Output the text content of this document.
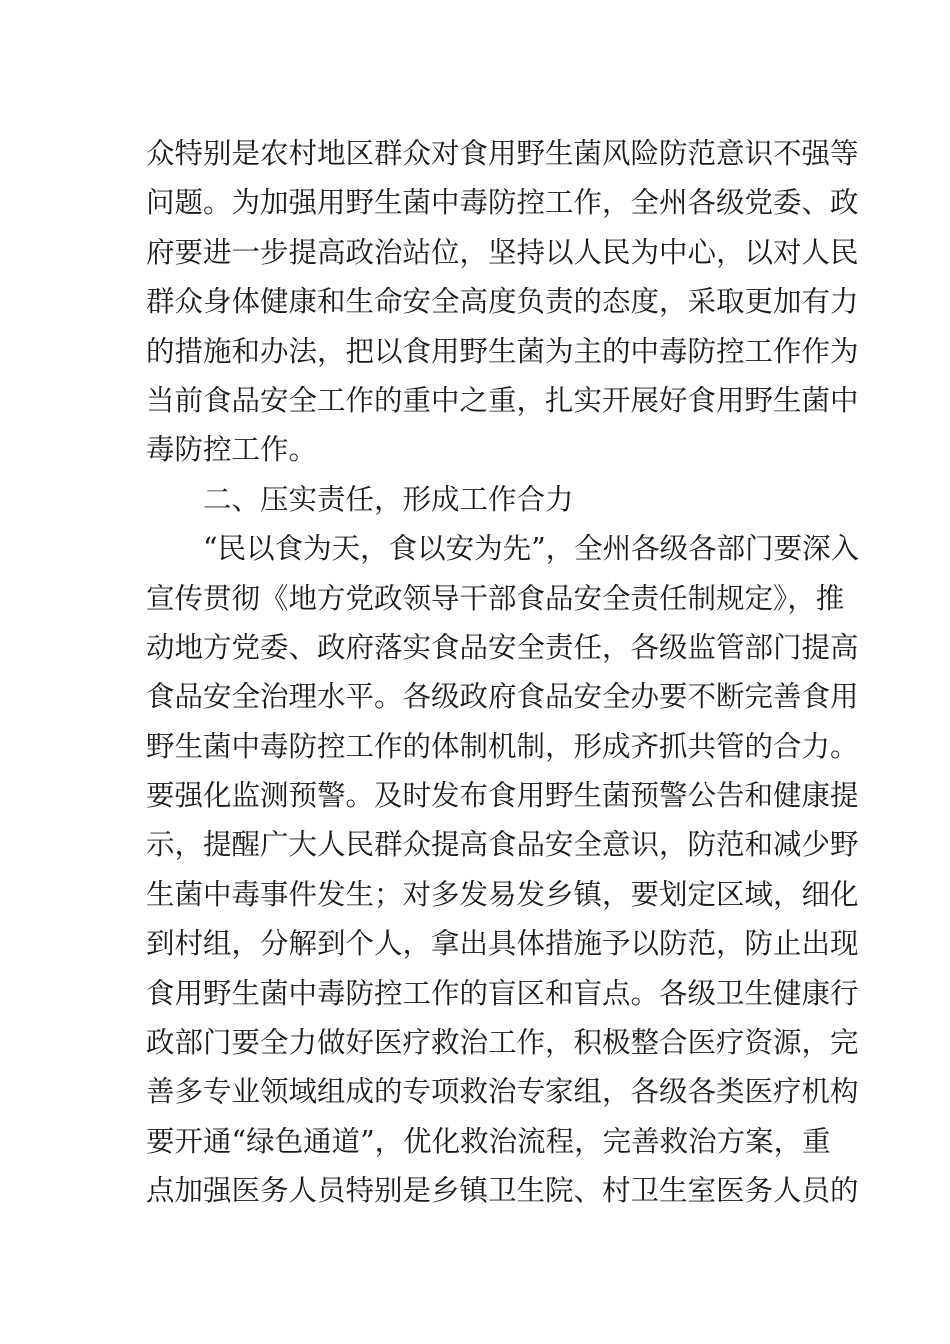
众特别是农村地区群众对食用野生菌风险防范意识不强等
问题。为加强用野生菌中毒防控工作，全州各级党委、政
府要进一步提高政治站位，坚持以人民为中心，以对人民
群众身体健康和生命安全高度负责的态度，采取更加有力
的措施和办法，把以食用野生菌为主的中毒防控工作作为
当前食品安全工作的重中之重，扎实开展好食用野生菌中
毒防控工作。
二、压实责任，形成工作合力
“民以食为天，食以安为先”，全州各级各部门要深入
宣传贯彻《地方党政领导干部食品安全责任制规定》，推
动地方党委、政府落实食品安全责任，各级监管部门提高
食品安全治理水平。各级政府食品安全办要不断完善食用
野生菌中毒防控工作的体制机制，形成齐抓共管的合力。
要强化监测预警。及时发布食用野生菌预警公告和健康提
示，提醒广大人民群众提高食品安全意识，防范和减少野
生菌中毒事件发生；对多发易发乡镇，要划定区域，细化
到村组，分解到个人，拿出具体措施予以防范，防止出现
食用野生菌中毒防控工作的盲区和盲点。各级卫生健康行
政部门要全力做好医疗救治工作，积极整合医疗资源，完
善多专业领域组成的专项救治专家组，各级各类医疗机构
要开通“绿色通道”，优化救治流程，完善救治方案，重
点加强医务人员特别是乡镇卫生院、村卫生室医务人员的
